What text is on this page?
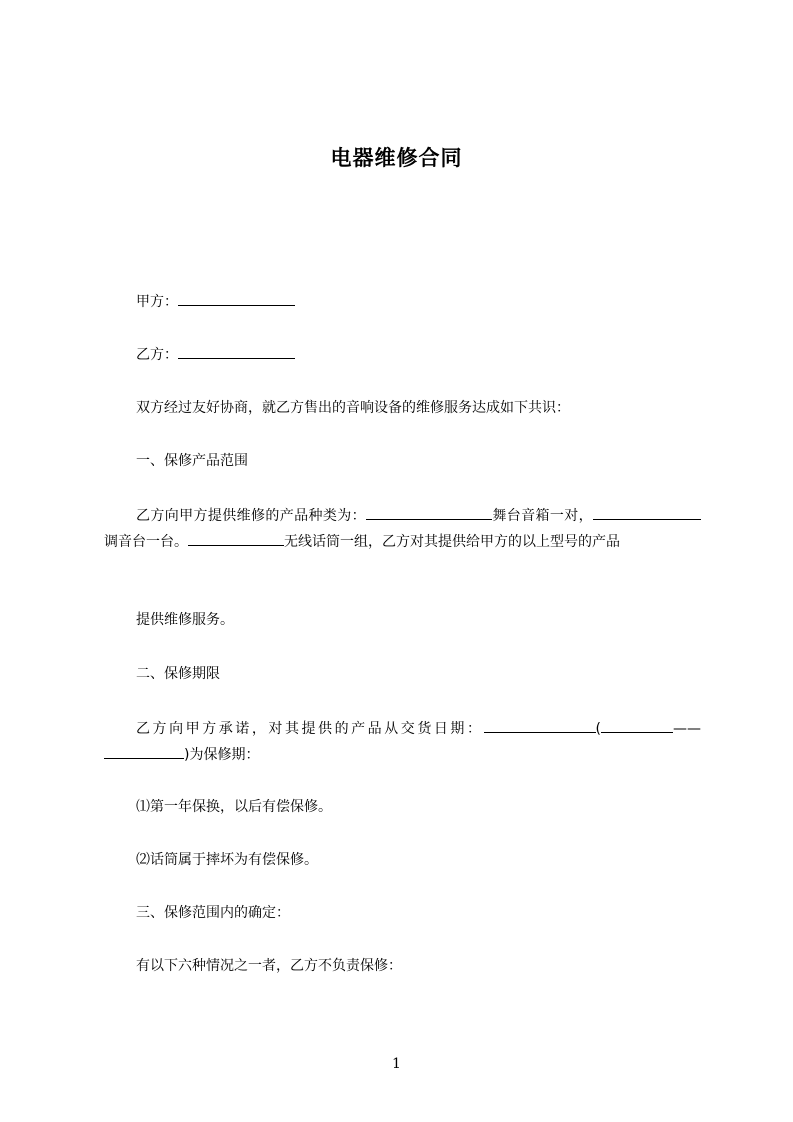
电器维修合同
甲方：
乙方：
双方经过友好协商，就乙方售出的音响设备的维修服务达成如下共识：
一、保修产品范围
乙方向甲方提供维修的产品种类为：	舞台音箱一对，调音台一台。	无线话筒一组，乙方对其提供给甲方的以上型号的产品
提供维修服务。
二、保修期限
乙方向甲方承诺，对其提供的产品从交货日期：	(	——)为保修期：
⑴第一年保换，以后有偿保修。
⑵话筒属于摔坏为有偿保修。
三、保修范围内的确定：
有以下六种情况之一者，乙方不负责保修：
1
